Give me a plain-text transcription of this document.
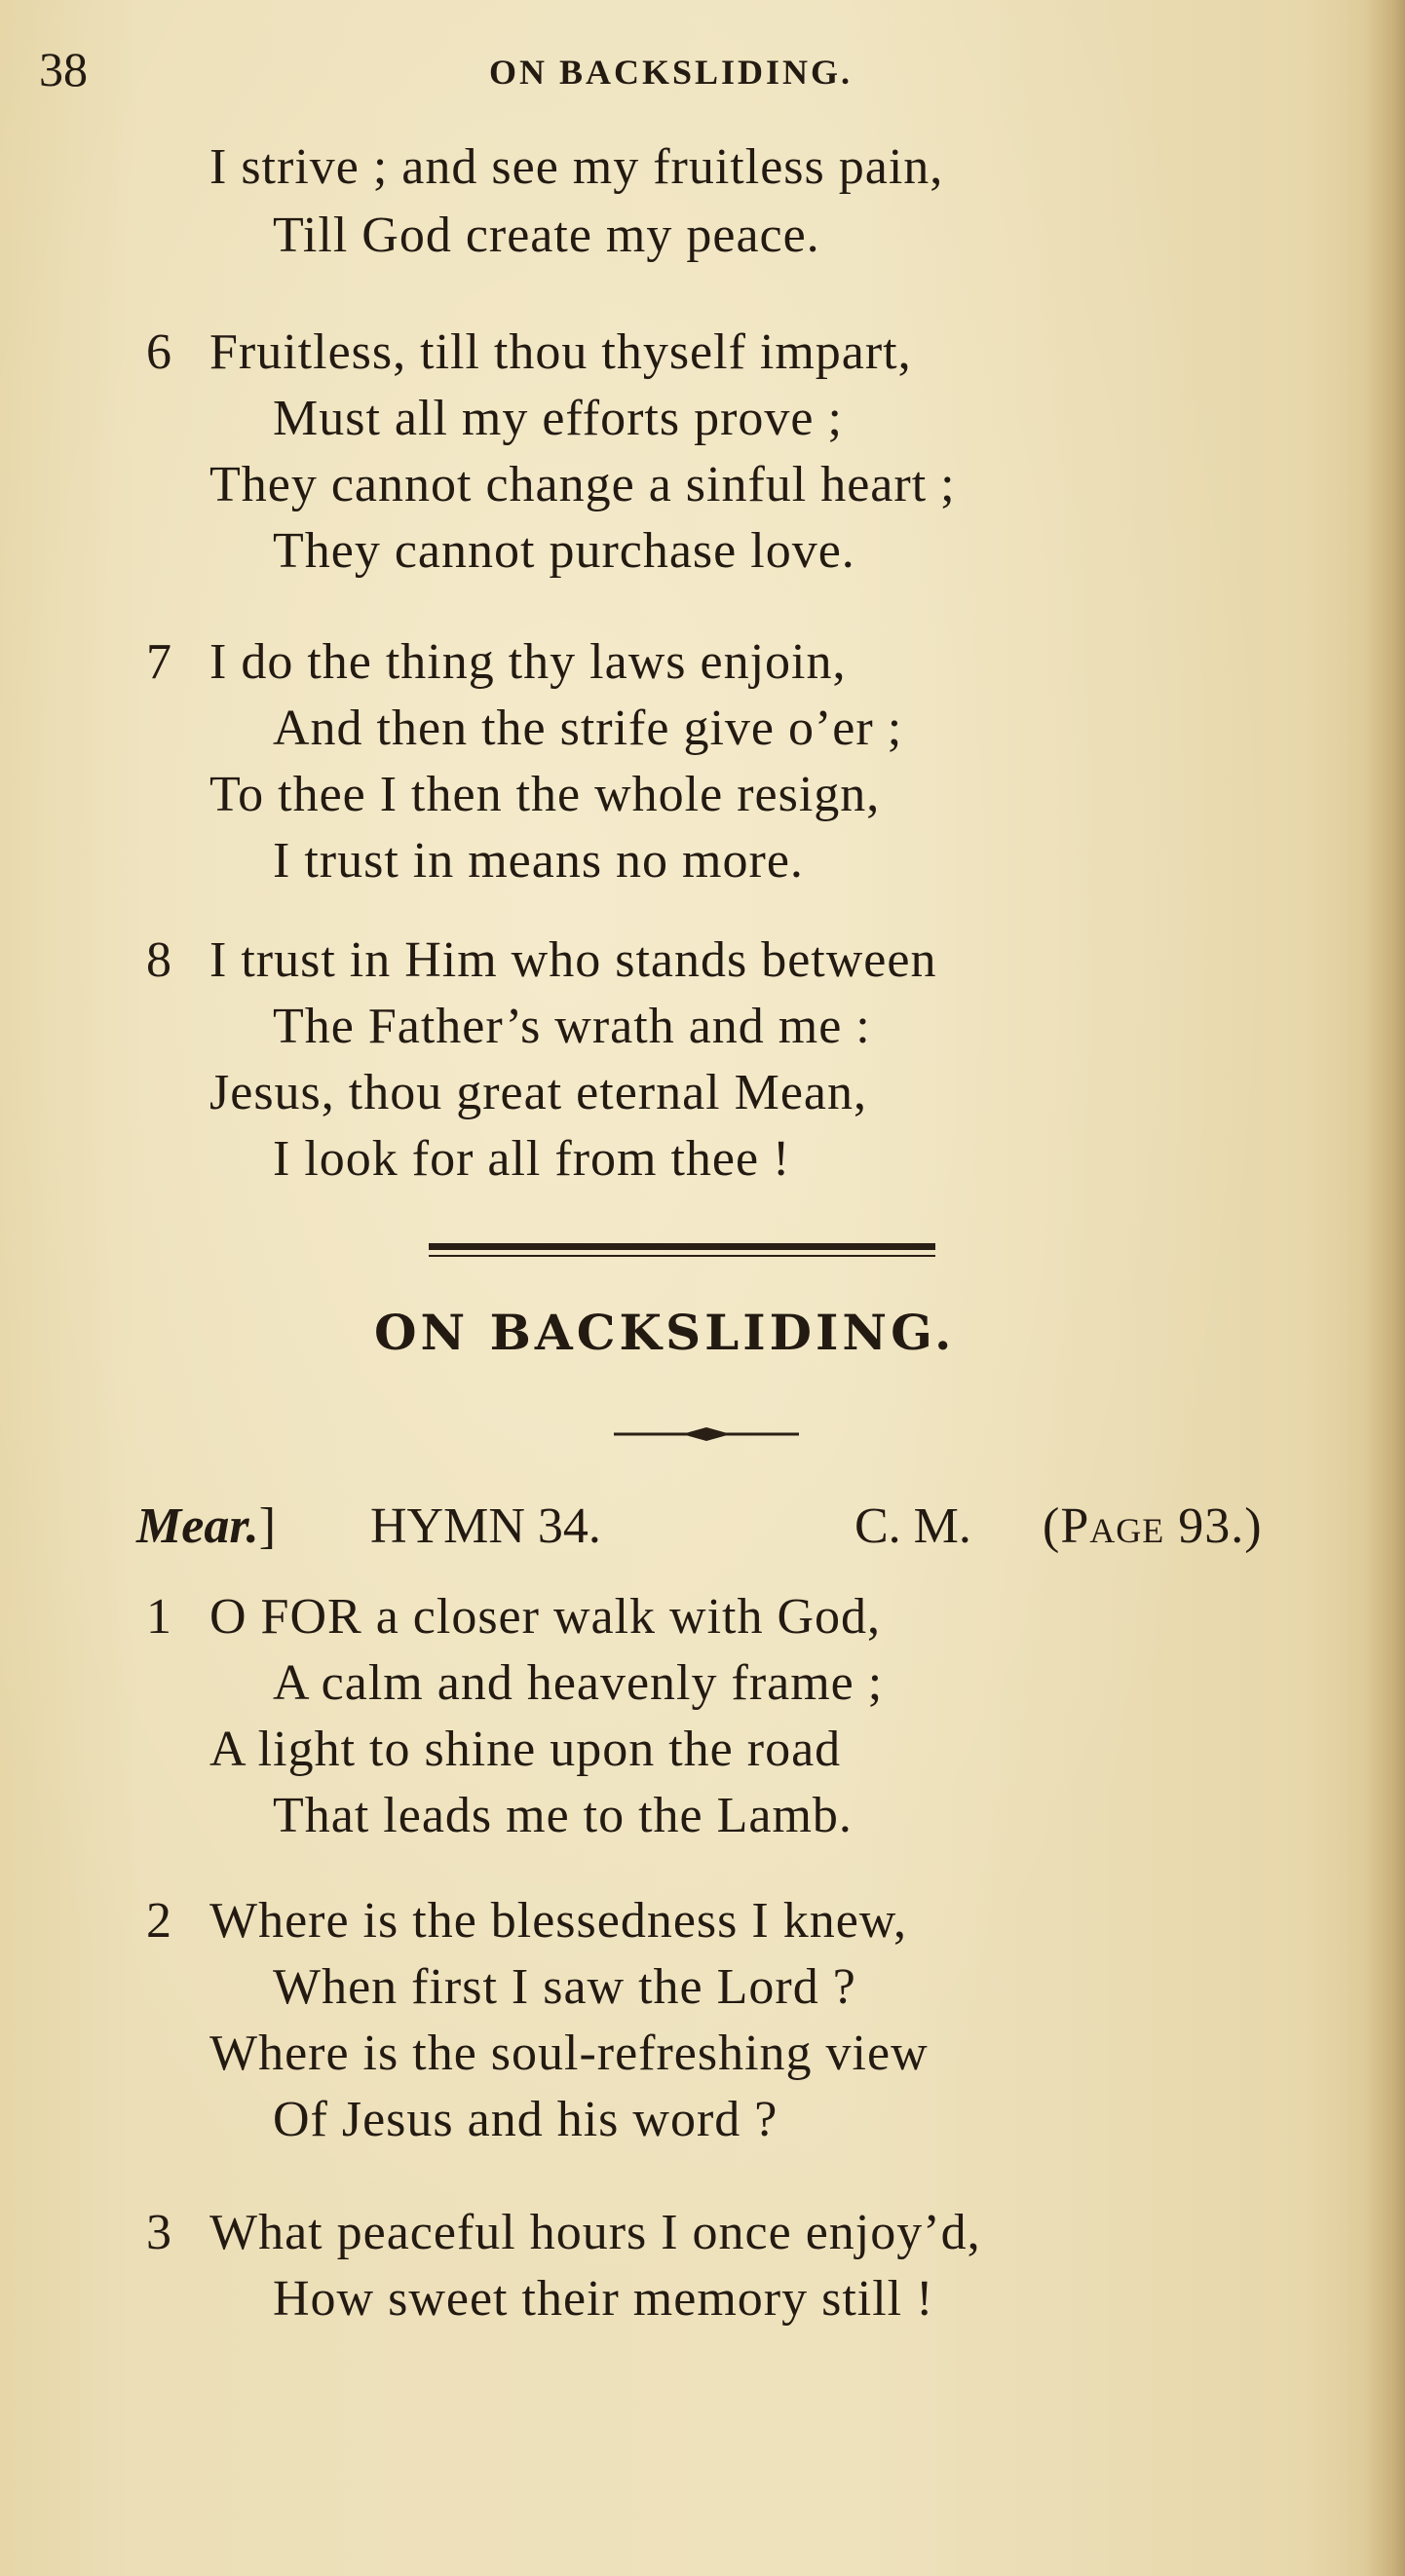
38	ON BACKSLIDING.
I strive ; and see my fruitless pain,
Till God create my peace.
6 Fruitless, till thou thyself impart,
Must all my efforts prove ;
They cannot change a sinful heart ;
They cannot purchase love.
7 I do the thing thy laws enjoin,
And then the strife give o’er ;
To thee I then the whole resign,
I trust in means no more.
8 I trust in Him who stands between
The Father’s wrath and me :
Jesus, thou great eternal Mean,
I look for all from thee !
ON BACKSLIDING.
Mear.] HYMN 34.	C. M. (Page 93.)
1 O FOR a closer walk with God,
A calm and heavenly frame ;
A light to shine upon the road
That leads me to the Lamb.
2 Where is the blessedness I knew,
When first I saw the Lord ?
Where is the soul-refreshing view
Of Jesus and his word ?
3 What peaceful hours I once enjoy’d,
How sweet their memory still !
